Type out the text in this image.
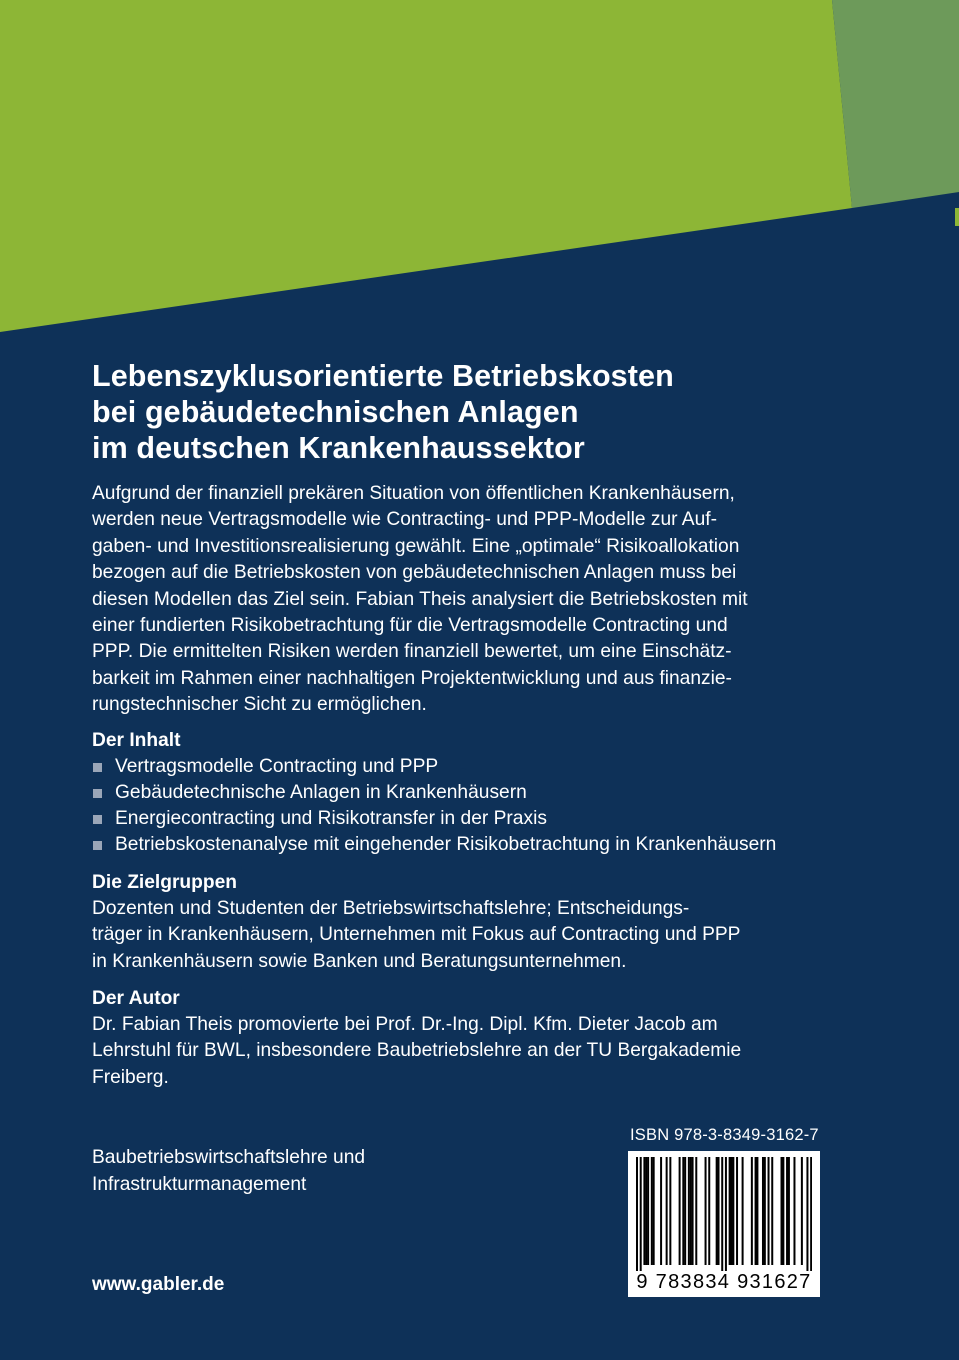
Lebenszyklusorientierte Betriebskosten
bei gebäudetechnischen Anlagen
im deutschen Krankenhaussektor

Aufgrund der finanziell prekären Situation von öffentlichen Krankenhäusern,
werden neue Vertragsmodelle wie Contracting- und PPP-Modelle zur Auf-
gaben- und Investitionsrealisierung gewählt. Eine „optimale“ Risikoallokation
bezogen auf die Betriebskosten von gebäudetechnischen Anlagen muss bei
diesen Modellen das Ziel sein. Fabian Theis analysiert die Betriebskosten mit
einer fundierten Risikobetrachtung für die Vertragsmodelle Contracting und
PPP. Die ermittelten Risiken werden finanziell bewertet, um eine Einschätz-
barkeit im Rahmen einer nachhaltigen Projektentwicklung und aus finanzie-
rungstechnischer Sicht zu ermöglichen.

Der Inhalt
Vertragsmodelle Contracting und PPP
Gebäudetechnische Anlagen in Krankenhäusern
Energiecontracting und Risikotransfer in der Praxis
Betriebskostenanalyse mit eingehender Risikobetrachtung in Krankenhäusern
Die Zielgruppen

Dozenten und Studenten der Betriebswirtschaftslehre; Entscheidungs-
träger in Krankenhäusern, Unternehmen mit Fokus auf Contracting und PPP
in Krankenhäusern sowie Banken und Beratungsunternehmen.

Der Autor

Dr. Fabian Theis promovierte bei Prof. Dr.-Ing. Dipl. Kfm. Dieter Jacob am
Lehrstuhl für BWL, insbesondere Baubetriebslehre an der TU Bergakademie
Freiberg.

Baubetriebswirtschaftslehre und
Infrastrukturmanagement
www.gabler.de
ISBN 978-3-8349-3162-7
9 783834 931627
